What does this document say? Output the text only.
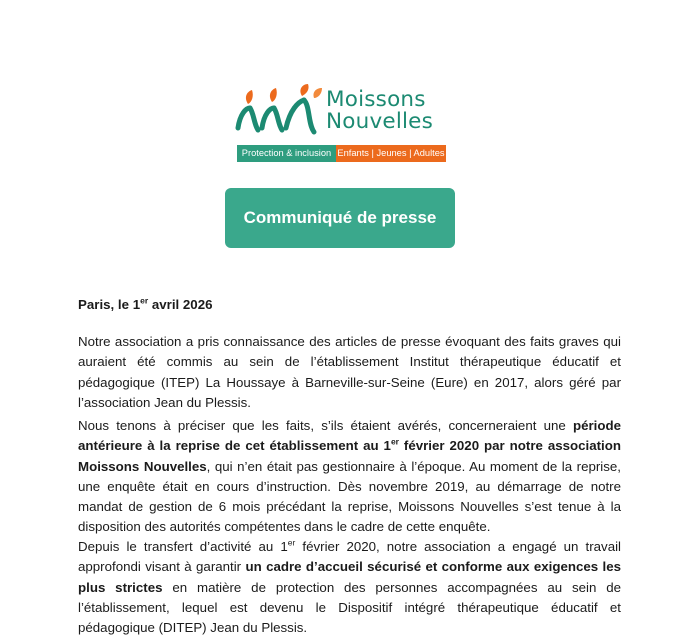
Moissons
Nouvelles
Protection & inclusion Enfants | Jeunes | Adultes
Communiqué de presse

Paris, le 1er avril 2026

Notre association a pris connaissance des articles de presse évoquant des faits graves qui auraient été commis au sein de l’établissement Institut thérapeutique éducatif et pédagogique (ITEP) La Houssaye à Barneville-sur-Seine (Eure) en 2017, alors géré par l’association Jean du Plessis.

Nous tenons à préciser que les faits, s’ils étaient avérés, concerneraient une période antérieure à la reprise de cet établissement au 1er février 2020 par notre association Moissons Nouvelles, qui n’en était pas gestionnaire à l’époque. Au moment de la reprise, une enquête était en cours d’instruction. Dès novembre 2019, au démarrage de notre mandat de gestion de 6 mois précédant la reprise, Moissons Nouvelles s’est tenue à la disposition des autorités compétentes dans le cadre de cette enquête.

Depuis le transfert d’activité au 1er février 2020, notre association a engagé un travail approfondi visant à garantir un cadre d’accueil sécurisé et conforme aux exigences les plus strictes en matière de protection des personnes accompagnées au sein de l’établissement, lequel est devenu le Dispositif intégré thérapeutique éducatif et pédagogique (DITEP) Jean du Plessis.
